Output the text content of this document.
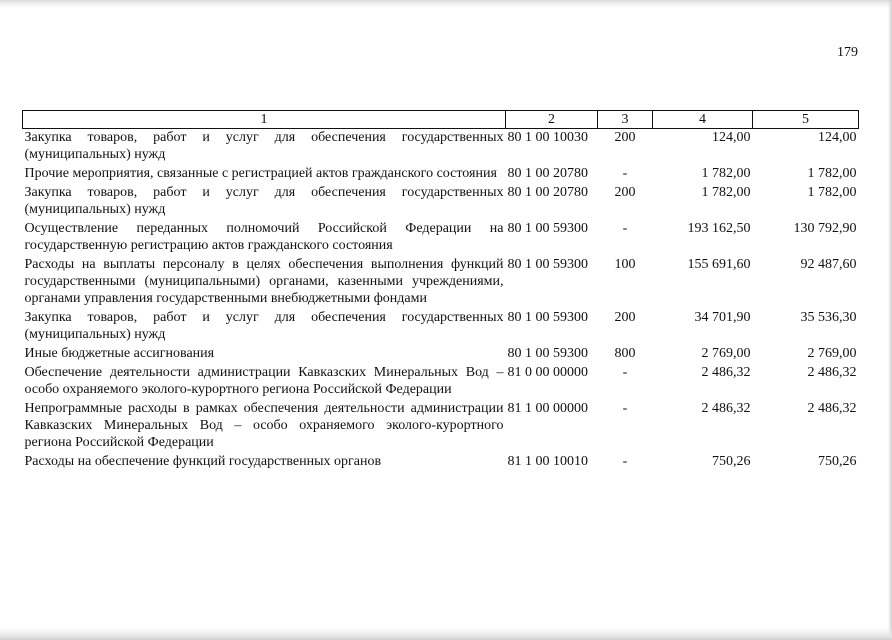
179
1	2	3	4	5
Закупка товаров, работ и услуг для обеспечения государственных (муниципальных) нужд	80 1 00 10030	200	124,00	124,00
Прочие мероприятия, связанные с регистрацией актов гражданского состояния	80 1 00 20780	-	1 782,00	1 782,00
Закупка товаров, работ и услуг для обеспечения государственных (муниципальных) нужд	80 1 00 20780	200	1 782,00	1 782,00
Осуществление переданных полномочий Российской Федерации на государственную регистрацию актов гражданского состояния	80 1 00 59300	-	193 162,50	130 792,90
Расходы на выплаты персоналу в целях обеспечения выполнения функций государственными (муниципальными) органами, казенными учреждениями, органами управления государственными внебюджетными фондами	80 1 00 59300	100	155 691,60	92 487,60
Закупка товаров, работ и услуг для обеспечения государственных (муниципальных) нужд	80 1 00 59300	200	34 701,90	35 536,30
Иные бюджетные ассигнования	80 1 00 59300	800	2 769,00	2 769,00
Обеспечение деятельности администрации Кавказских Минеральных Вод – особо охраняемого эколого-курортного региона Российской Федерации	81 0 00 00000	-	2 486,32	2 486,32
Непрограммные расходы в рамках обеспечения деятельности администрации Кавказских Минеральных Вод – особо охраняемого эколого-курортного региона Российской Федерации	81 1 00 00000	-	2 486,32	2 486,32
Расходы на обеспечение функций государственных органов	81 1 00 10010	-	750,26	750,26
